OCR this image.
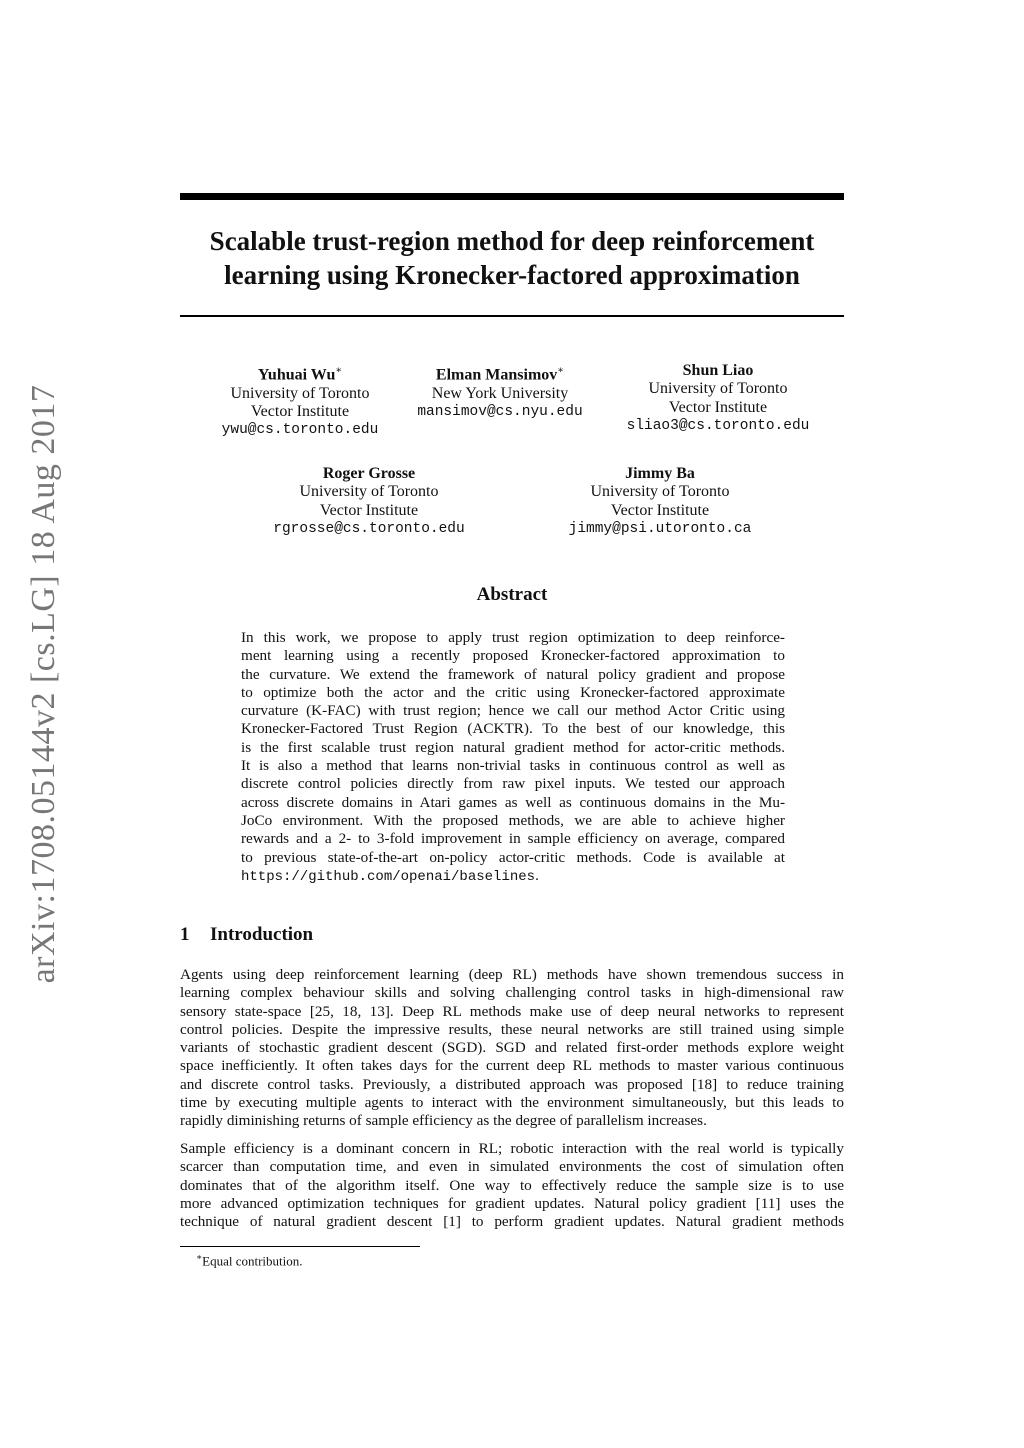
arXiv:1708.05144v2 [cs.LG] 18 Aug 2017
Scalable trust-region method for deep reinforcement
learning using Kronecker-factored approximation
Yuhuai Wu∗
University of Toronto
Vector Institute
ywu@cs.toronto.edu
Elman Mansimov∗
New York University
mansimov@cs.nyu.edu
Shun Liao
University of Toronto
Vector Institute
sliao3@cs.toronto.edu
Roger Grosse
University of Toronto
Vector Institute
rgrosse@cs.toronto.edu
Jimmy Ba
University of Toronto
Vector Institute
jimmy@psi.utoronto.ca
Abstract
In this work, we propose to apply trust region optimization to deep reinforce-
ment learning using a recently proposed Kronecker-factored approximation to
the curvature. We extend the framework of natural policy gradient and propose
to optimize both the actor and the critic using Kronecker-factored approximate
curvature (K-FAC) with trust region; hence we call our method Actor Critic using
Kronecker-Factored Trust Region (ACKTR). To the best of our knowledge, this
is the first scalable trust region natural gradient method for actor-critic methods.
It is also a method that learns non-trivial tasks in continuous control as well as
discrete control policies directly from raw pixel inputs. We tested our approach
across discrete domains in Atari games as well as continuous domains in the Mu-
JoCo environment. With the proposed methods, we are able to achieve higher
rewards and a 2- to 3-fold improvement in sample efficiency on average, compared
to previous state-of-the-art on-policy actor-critic methods. Code is available at
https://github.com/openai/baselines.
1 Introduction
Agents using deep reinforcement learning (deep RL) methods have shown tremendous success in
learning complex behaviour skills and solving challenging control tasks in high-dimensional raw
sensory state-space [25, 18, 13]. Deep RL methods make use of deep neural networks to represent
control policies. Despite the impressive results, these neural networks are still trained using simple
variants of stochastic gradient descent (SGD). SGD and related first-order methods explore weight
space inefficiently. It often takes days for the current deep RL methods to master various continuous
and discrete control tasks. Previously, a distributed approach was proposed [18] to reduce training
time by executing multiple agents to interact with the environment simultaneously, but this leads to
rapidly diminishing returns of sample efficiency as the degree of parallelism increases.
Sample efficiency is a dominant concern in RL; robotic interaction with the real world is typically
scarcer than computation time, and even in simulated environments the cost of simulation often
dominates that of the algorithm itself. One way to effectively reduce the sample size is to use
more advanced optimization techniques for gradient updates. Natural policy gradient [11] uses the
technique of natural gradient descent [1] to perform gradient updates. Natural gradient methods
∗Equal contribution.
